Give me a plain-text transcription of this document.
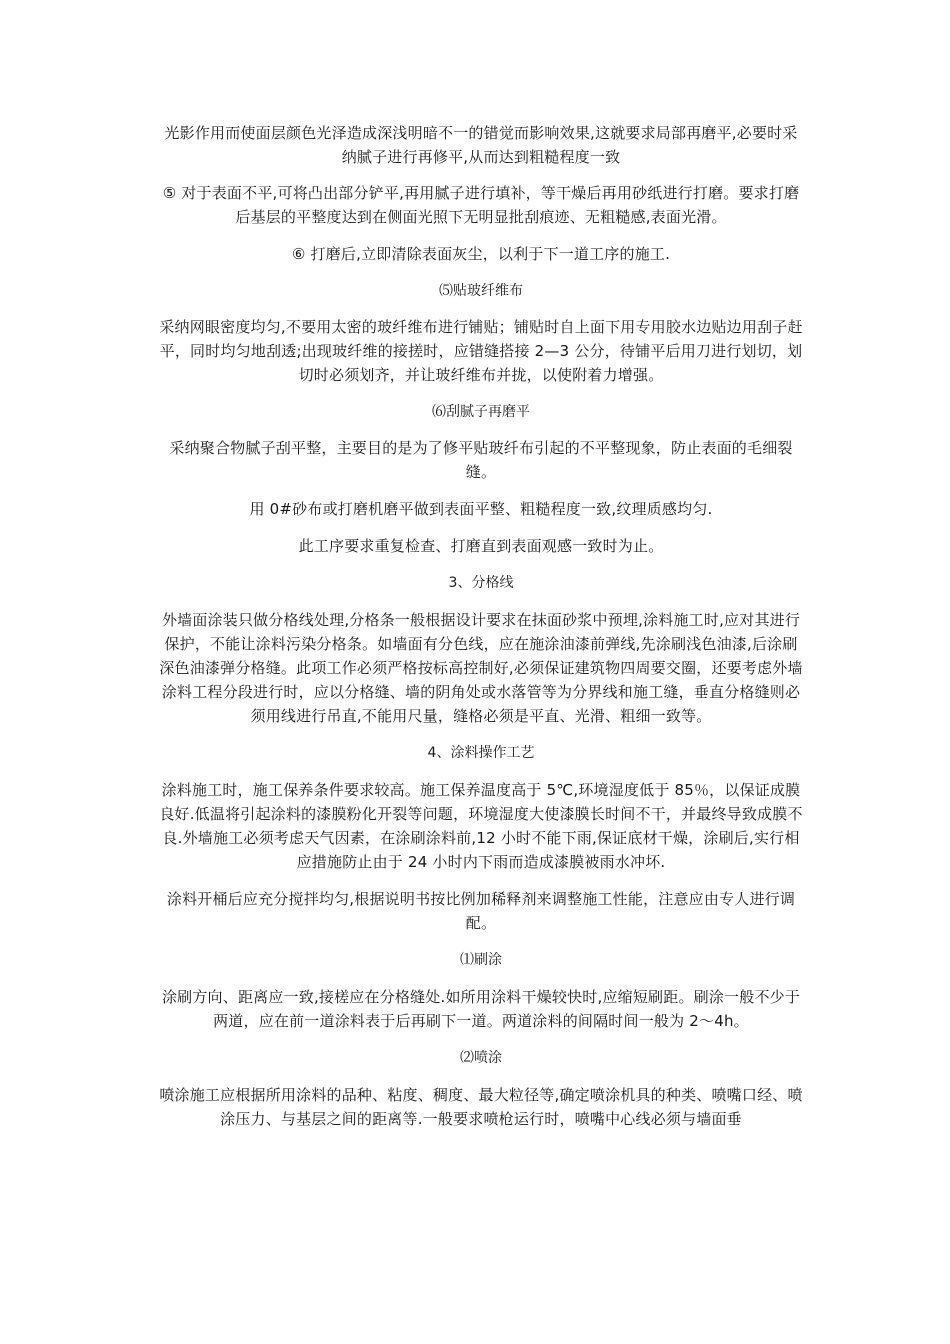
光影作用而使面层颜色光泽造成深浅明暗不一的错觉而影响效果,这就要求局部再磨平,必要时采纳腻子进行再修平,从而达到粗糙程度一致

⑤ 对于表面不平,可将凸出部分铲平,再用腻子进行填补，等干燥后再用砂纸进行打磨。要求打磨后基层的平整度达到在侧面光照下无明显批刮痕迹、无粗糙感,表面光滑。

⑥ 打磨后,立即清除表面灰尘，以利于下一道工序的施工.

⑸贴玻纤维布

采纳网眼密度均匀,不要用太密的玻纤维布进行铺贴；铺贴时自上面下用专用胶水边贴边用刮子赶平，同时均匀地刮透;出现玻纤维的接搓时，应错缝搭接 2—3 公分，待铺平后用刀进行划切，划切时必须划齐，并让玻纤维布并拢，以使附着力增强。

⑹刮腻子再磨平

采纳聚合物腻子刮平整，主要目的是为了修平贴玻纤布引起的不平整现象，防止表面的毛细裂缝。

用 0#砂布或打磨机磨平做到表面平整、粗糙程度一致,纹理质感均匀.

此工序要求重复检查、打磨直到表面观感一致时为止。

3、分格线

外墙面涂装只做分格线处理,分格条一般根据设计要求在抹面砂浆中预埋,涂料施工时,应对其进行保护，不能让涂料污染分格条。如墙面有分色线，应在施涂油漆前弹线,先涂刷浅色油漆,后涂刷深色油漆弹分格缝。此项工作必须严格按标高控制好,必须保证建筑物四周要交圈，还要考虑外墙涂料工程分段进行时，应以分格缝、墙的阴角处或水落管等为分界线和施工缝，垂直分格缝则必须用线进行吊直,不能用尺量，缝格必须是平直、光滑、粗细一致等。

4、涂料操作工艺

涂料施工时，施工保养条件要求较高。施工保养温度高于 5℃,环境湿度低于 85％，以保证成膜良好.低温将引起涂料的漆膜粉化开裂等问题，环境湿度大使漆膜长时间不干，并最终导致成膜不良.外墙施工必须考虑天气因素，在涂刷涂料前,12 小时不能下雨,保证底材干燥，涂刷后,实行相应措施防止由于 24 小时内下雨而造成漆膜被雨水冲坏.

涂料开桶后应充分搅拌均匀,根据说明书按比例加稀释剂来调整施工性能，注意应由专人进行调配。

⑴刷涂

涂刷方向、距离应一致,接槎应在分格缝处.如所用涂料干燥较快时,应缩短刷距。刷涂一般不少于两道，应在前一道涂料表于后再刷下一道。两道涂料的间隔时间一般为 2～4h。

⑵喷涂

喷涂施工应根据所用涂料的品种、粘度、稠度、最大粒径等,确定喷涂机具的种类、喷嘴口经、喷涂压力、与基层之间的距离等.一般要求喷枪运行时，喷嘴中心线必须与墙面垂
